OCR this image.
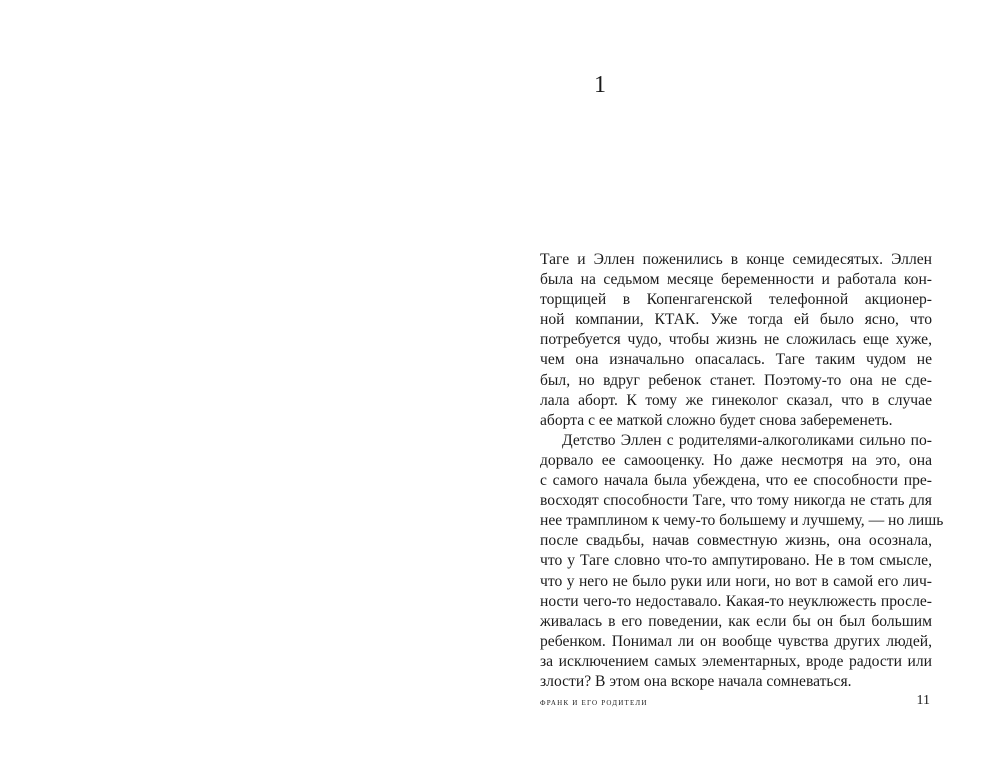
1

Таге и Эллен поженились в конце семидесятых. Эллен
была на седьмом месяце беременности и работала кон-
торщицей в Копенгагенской телефонной акционер-
ной компании, КТАК. Уже тогда ей было ясно, что
потребуется чудо, чтобы жизнь не сложилась еще хуже,
чем она изначально опасалась. Таге таким чудом не
был, но вдруг ребенок станет. Поэтому-то она не сде-
лала аборт. К тому же гинеколог сказал, что в случае
аборта с ее маткой сложно будет снова забеременеть.

Детство Эллен с родителями-алкоголиками сильно по-
дорвало ее самооценку. Но даже несмотря на это, она
с самого начала была убеждена, что ее способности пре-
восходят способности Таге, что тому никогда не стать для
нее трамплином к чему-то большему и лучшему, — но лишь
после свадьбы, начав совместную жизнь, она осознала,
что у Таге словно что-то ампутировано. Не в том смысле,
что у него не было руки или ноги, но вот в самой его лич-
ности чего-то недоставало. Какая-то неуклюжесть просле-
живалась в его поведении, как если бы он был большим
ребенком. Понимал ли он вообще чувства других людей,
за исключением самых элементарных, вроде радости или
злости? В этом она вскоре начала сомневаться.

франк и его родители	11
